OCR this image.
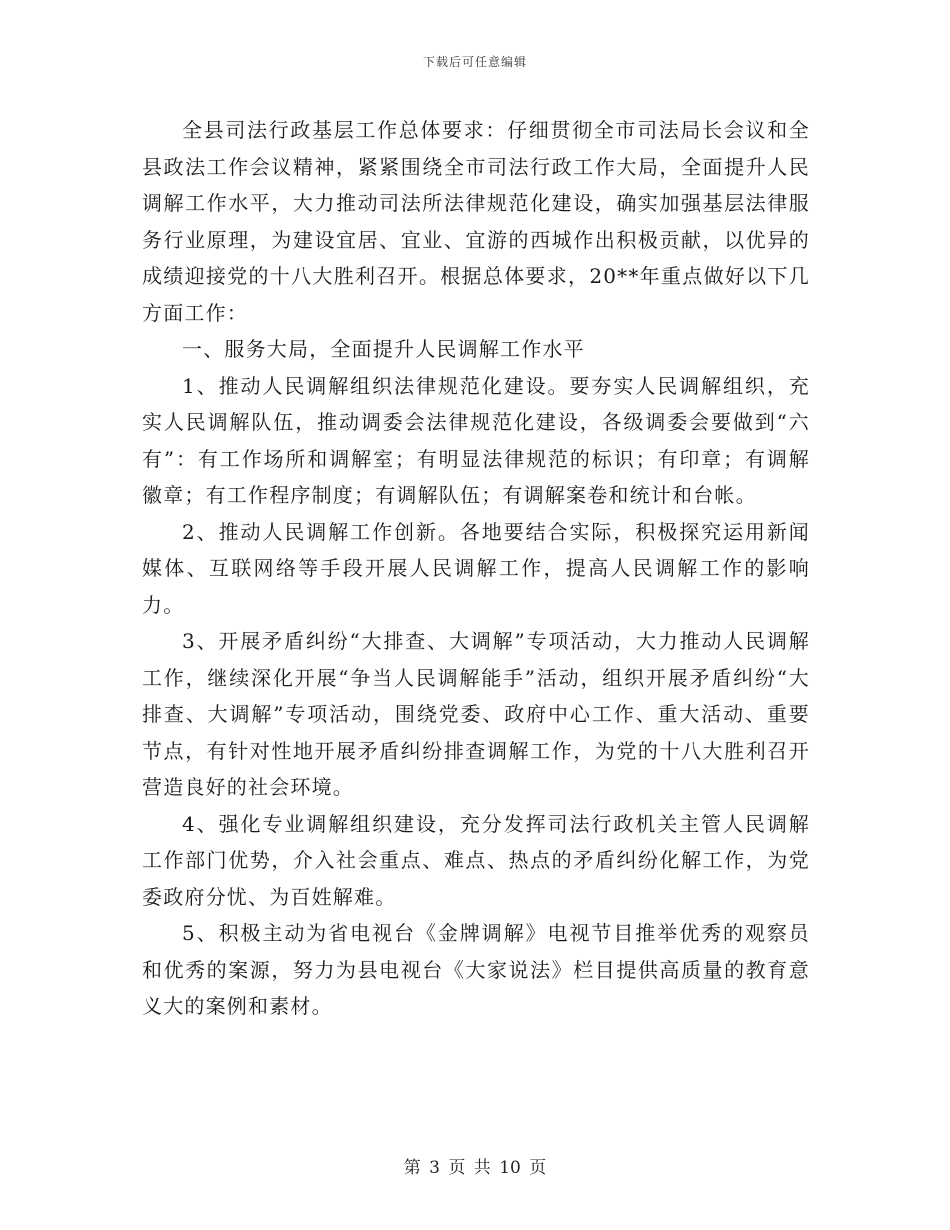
下载后可任意编辑

全县司法行政基层工作总体要求：仔细贯彻全市司法局长会议和全县政法工作会议精神，紧紧围绕全市司法行政工作大局，全面提升人民调解工作水平，大力推动司法所法律规范化建设，确实加强基层法律服务行业原理，为建设宜居、宜业、宜游的西城作出积极贡献，以优异的成绩迎接党的十八大胜利召开。根据总体要求，20**年重点做好以下几方面工作：

一、服务大局，全面提升人民调解工作水平

1、推动人民调解组织法律规范化建设。要夯实人民调解组织，充实人民调解队伍，推动调委会法律规范化建设，各级调委会要做到“六有”：有工作场所和调解室；有明显法律规范的标识；有印章；有调解徽章；有工作程序制度；有调解队伍；有调解案卷和统计和台帐。

2、推动人民调解工作创新。各地要结合实际，积极探究运用新闻媒体、互联网络等手段开展人民调解工作，提高人民调解工作的影响力。

3、开展矛盾纠纷“大排查、大调解”专项活动，大力推动人民调解工作，继续深化开展“争当人民调解能手”活动，组织开展矛盾纠纷“大排查、大调解”专项活动，围绕党委、政府中心工作、重大活动、重要节点，有针对性地开展矛盾纠纷排查调解工作，为党的十八大胜利召开营造良好的社会环境。

4、强化专业调解组织建设，充分发挥司法行政机关主管人民调解工作部门优势，介入社会重点、难点、热点的矛盾纠纷化解工作，为党委政府分忧、为百姓解难。

5、积极主动为省电视台《金牌调解》电视节目推举优秀的观察员和优秀的案源，努力为县电视台《大家说法》栏目提供高质量的教育意义大的案例和素材。

第 3 页 共 10 页
